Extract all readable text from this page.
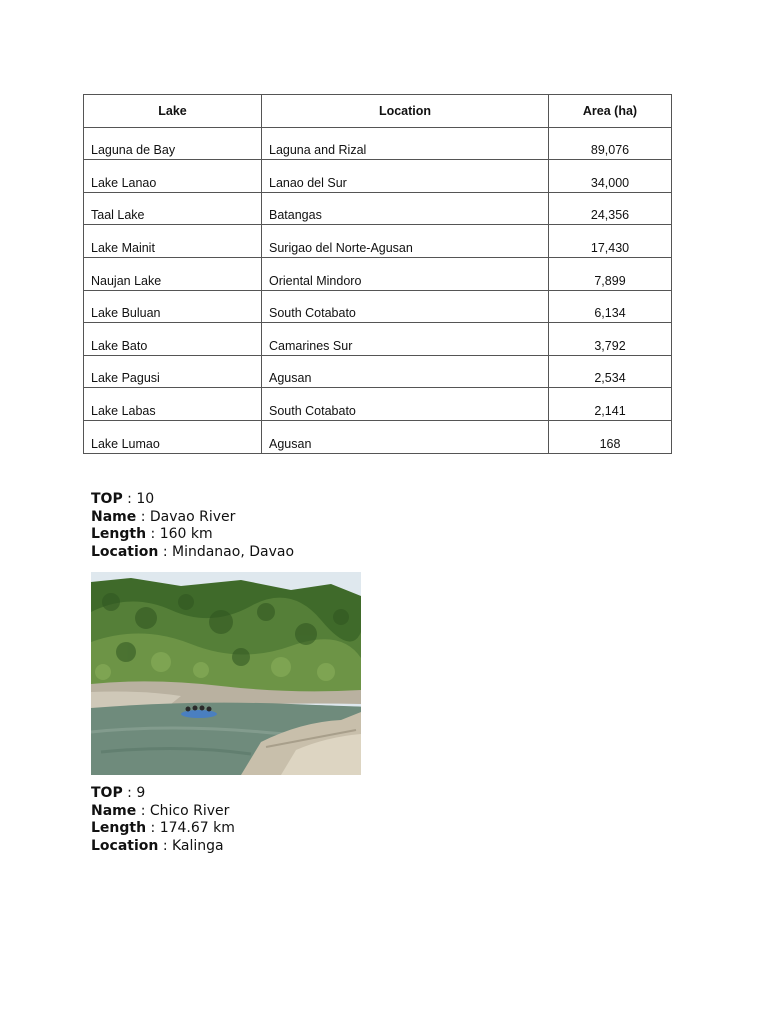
Lake	Location	Area (ha)
Laguna de Bay	Laguna and Rizal	89,076
Lake Lanao	Lanao del Sur	34,000
Taal Lake	Batangas	24,356
Lake Mainit	Surigao del Norte-Agusan	17,430
Naujan Lake	Oriental Mindoro	7,899
Lake Buluan	South Cotabato	6,134
Lake Bato	Camarines Sur	3,792
Lake Pagusi	Agusan	2,534
Lake Labas	South Cotabato	2,141
Lake Lumao	Agusan	168
TOP : 10
Name : Davao River
Length : 160 km
Location : Mindanao, Davao
TOP : 9
Name : Chico River
Length : 174.67 km
Location : Kalinga
